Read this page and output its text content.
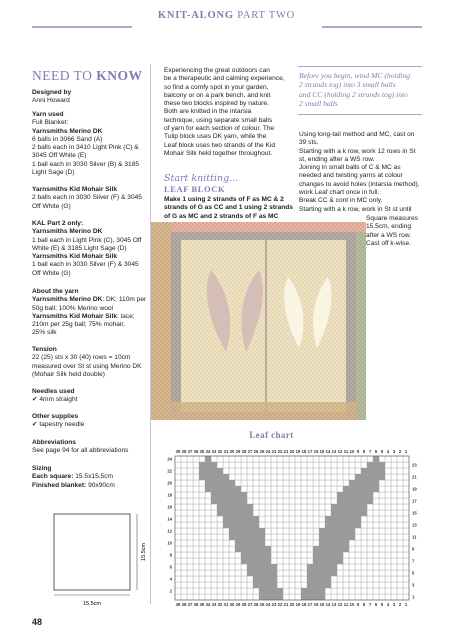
KNIT-ALONG PART TWO
NEED TO KNOW
Designed by
Anni Howard
Yarn used
Full Blanket:
Yarnsmiths Merino DK
6 balls in 3066 Sand (A)
2 balls each in 3410 Light Pink (C) &
3045 Off White (E)
1 ball each in 3030 Silver (B) & 3185
Light Sage (D)
Yarnsmiths Kid Mohair Silk
2 balls each in 3030 Silver (F) & 3045
Off White (G)
KAL Part 2 only:
Yarnsmiths Merino DK
1 ball each in Light Pink (C), 3045 Off
White (E) & 3185 Light Sage (D)
Yarnsmiths Kid Mohair Silk
1 ball each in 3030 Silver (F) & 3045
Off White (G)
About the yarn
Yarnsmiths Merino DK: DK; 110m per
50g ball; 100% Merino wool
Yarnsmiths Kid Mohair Silk: lace;
210m per 25g ball; 75% mohair,
25% silk
Tension
22 (25) sts x 30 (40) rows = 10cm
measured over St st using Merino DK
(Mohair Silk held double)
Needles used
✔ 4mm straight
Other supplies
✔ tapestry needle
Abbreviations
See page 94 for all abbreviations
Sizing
Each square: 15.5x15.5cm
Finished blanket: 90x90cm
15.5cm
15.5cm
Experiencing the great outdoors can
be a therapeutic and calming experience,
so find a comfy spot in your garden,
balcony or on a park bench, and knit
these two blocks inspired by nature.
Both are knitted in the intarsia
technique, using separate small balls
of yarn for each section of colour. The
Tulip block uses DK yarn, while the
Leaf block uses two strands of the Kid
Mohair Silk held together throughout.
Start knitting...
LEAF BLOCK
Make 1 using 2 strands of F as MC & 2
strands of G as CC and 1 using 2 strands
of G as MC and 2 strands of F as MC
Before you begin, wind MC (holding
2 strands tog) into 3 small balls
and CC (holding 2 strands tog) into
2 small balls
Using long-tail method and MC, cast on
39 sts.
Starting with a k row, work 12 rows in St
st, ending after a WS row.
Joining in small balls of C & MC as
needed and twisting yarns at colour
changes to avoid holes (intarsia method),
work Leaf chart once in full.
Break CC & cont in MC only.
Starting with a k row, work in St st until
Square measures
15.5cm, ending
after a WS row.
Cast off k-wise.
Leaf chart
39
39
38
38
37
37
36
36
35
35
34
34
33
33
32
32
31
31
30
30
29
29
28
28
27
27
26
26
25
25
24
24
23
23
22
22
21
21
20
20
19
19
18
18
17
17
16
16
15
15
14
14
13
13
12
12
11
11
10
10
9
9
8
8
7
7
6
6
5
5
4
4
3
3
2
2
1
1
24
22
20
18
16
14
12
10
8
6
4
2
23
21
19
17
15
13
11
9
7
5
3
1
48
